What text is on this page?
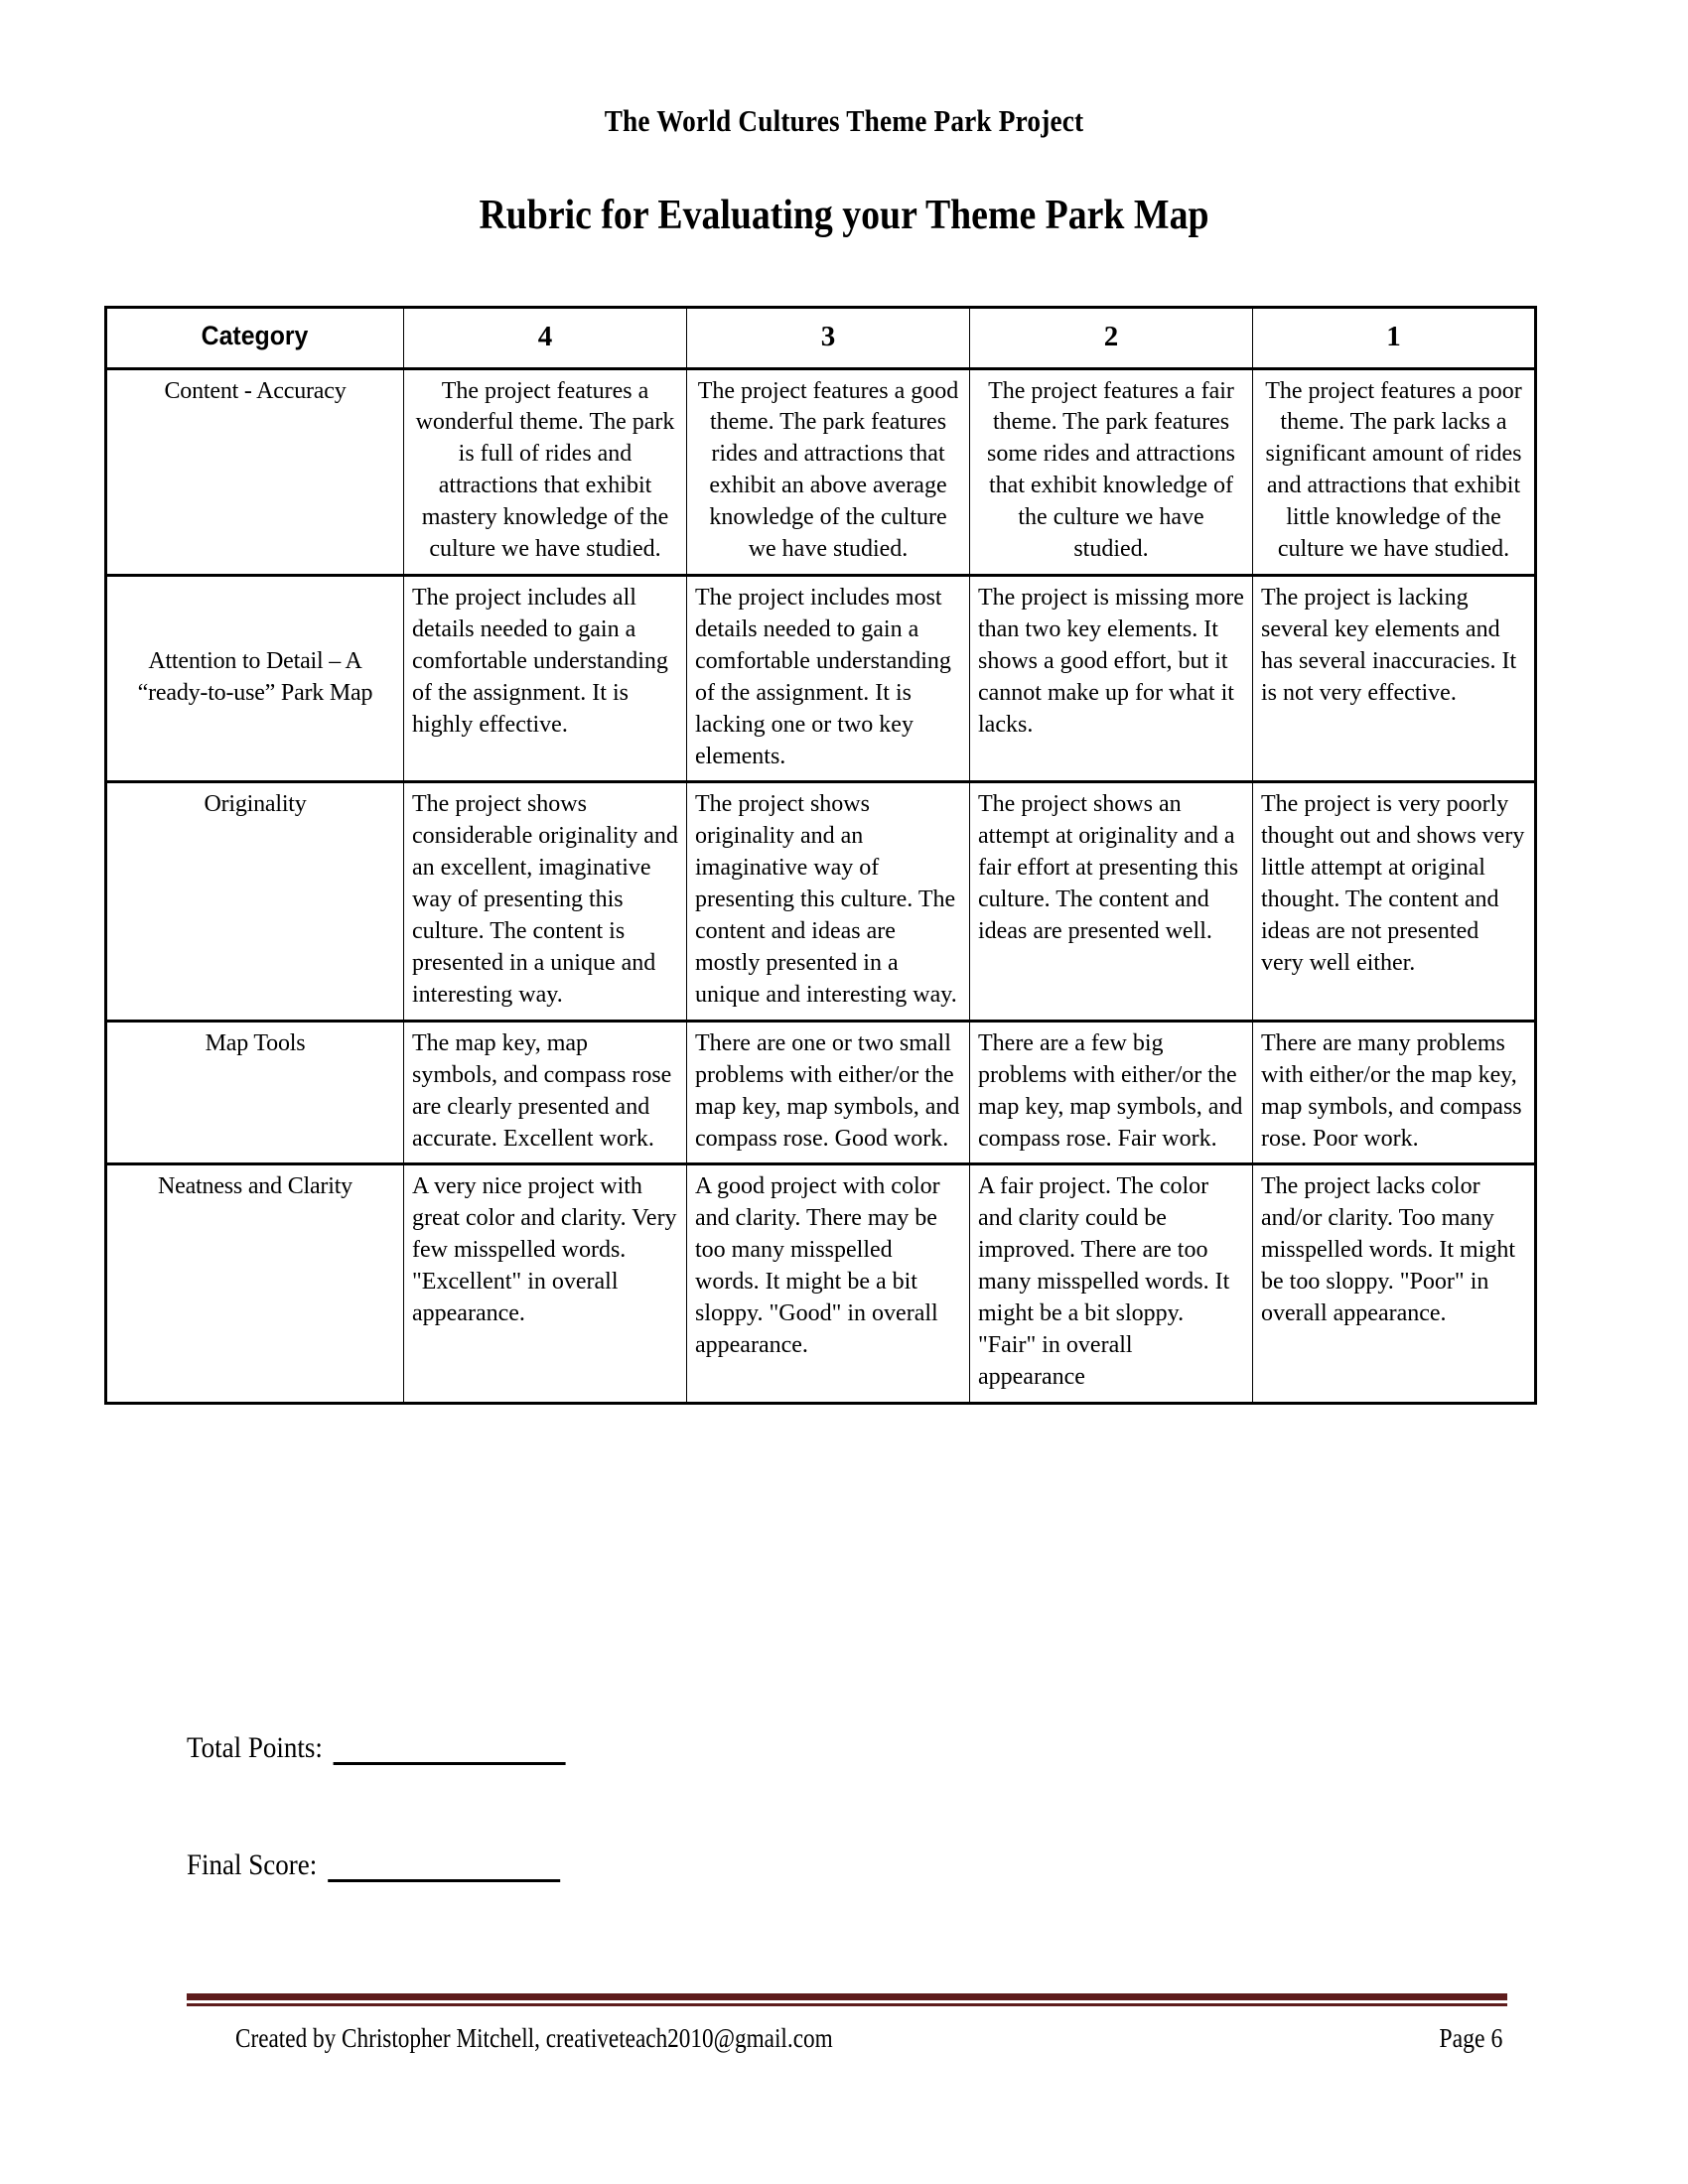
The World Cultures Theme Park Project
Rubric for Evaluating your Theme Park Map
Category	4	3	2	1
Content - Accuracy	The project features a wonderful theme. The park is full of rides and attractions that exhibit mastery knowledge of the culture we have studied.	The project features a good theme. The park features rides and attractions that exhibit an above average knowledge of the culture we have studied.	The project features a fair theme. The park features some rides and attractions that exhibit knowledge of the culture we have studied.	The project features a poor theme. The park lacks a significant amount of rides and attractions that exhibit little knowledge of the culture we have studied.
Attention to Detail – A “ready-to-use” Park Map	The project includes all details needed to gain a comfortable understanding of the assignment. It is highly effective.	The project includes most details needed to gain a comfortable understanding of the assignment. It is lacking one or two key elements.	The project is missing more than two key elements. It shows a good effort, but it cannot make up for what it lacks.	The project is lacking several key elements and has several inaccuracies. It is not very effective.
Originality	The project shows considerable originality and an excellent, imaginative way of presenting this culture. The content is presented in a unique and interesting way.	The project shows originality and an imaginative way of presenting this culture. The content and ideas are mostly presented in a unique and interesting way.	The project shows an attempt at originality and a fair effort at presenting this culture. The content and ideas are presented well.	The project is very poorly thought out and shows very little attempt at original thought. The content and ideas are not presented very well either.
Map Tools	The map key, map symbols, and compass rose are clearly presented and accurate. Excellent work.	There are one or two small problems with either/or the map key, map symbols, and compass rose. Good work.	There are a few big problems with either/or the map key, map symbols, and compass rose. Fair work.	There are many problems with either/or the map key, map symbols, and compass rose. Poor work.
Neatness and Clarity	A very nice project with great color and clarity. Very few misspelled words. "Excellent" in overall appearance.	A good project with color and clarity. There may be too many misspelled words. It might be a bit sloppy. "Good" in overall appearance.	A fair project. The color and clarity could be improved. There are too many misspelled words. It might be a bit sloppy. "Fair" in overall appearance	The project lacks color and/or clarity. Too many misspelled words. It might be too sloppy. "Poor" in overall appearance.
Total Points:
Final Score:
Created by Christopher Mitchell, creativeteach2010@gmail.com	Page 6
